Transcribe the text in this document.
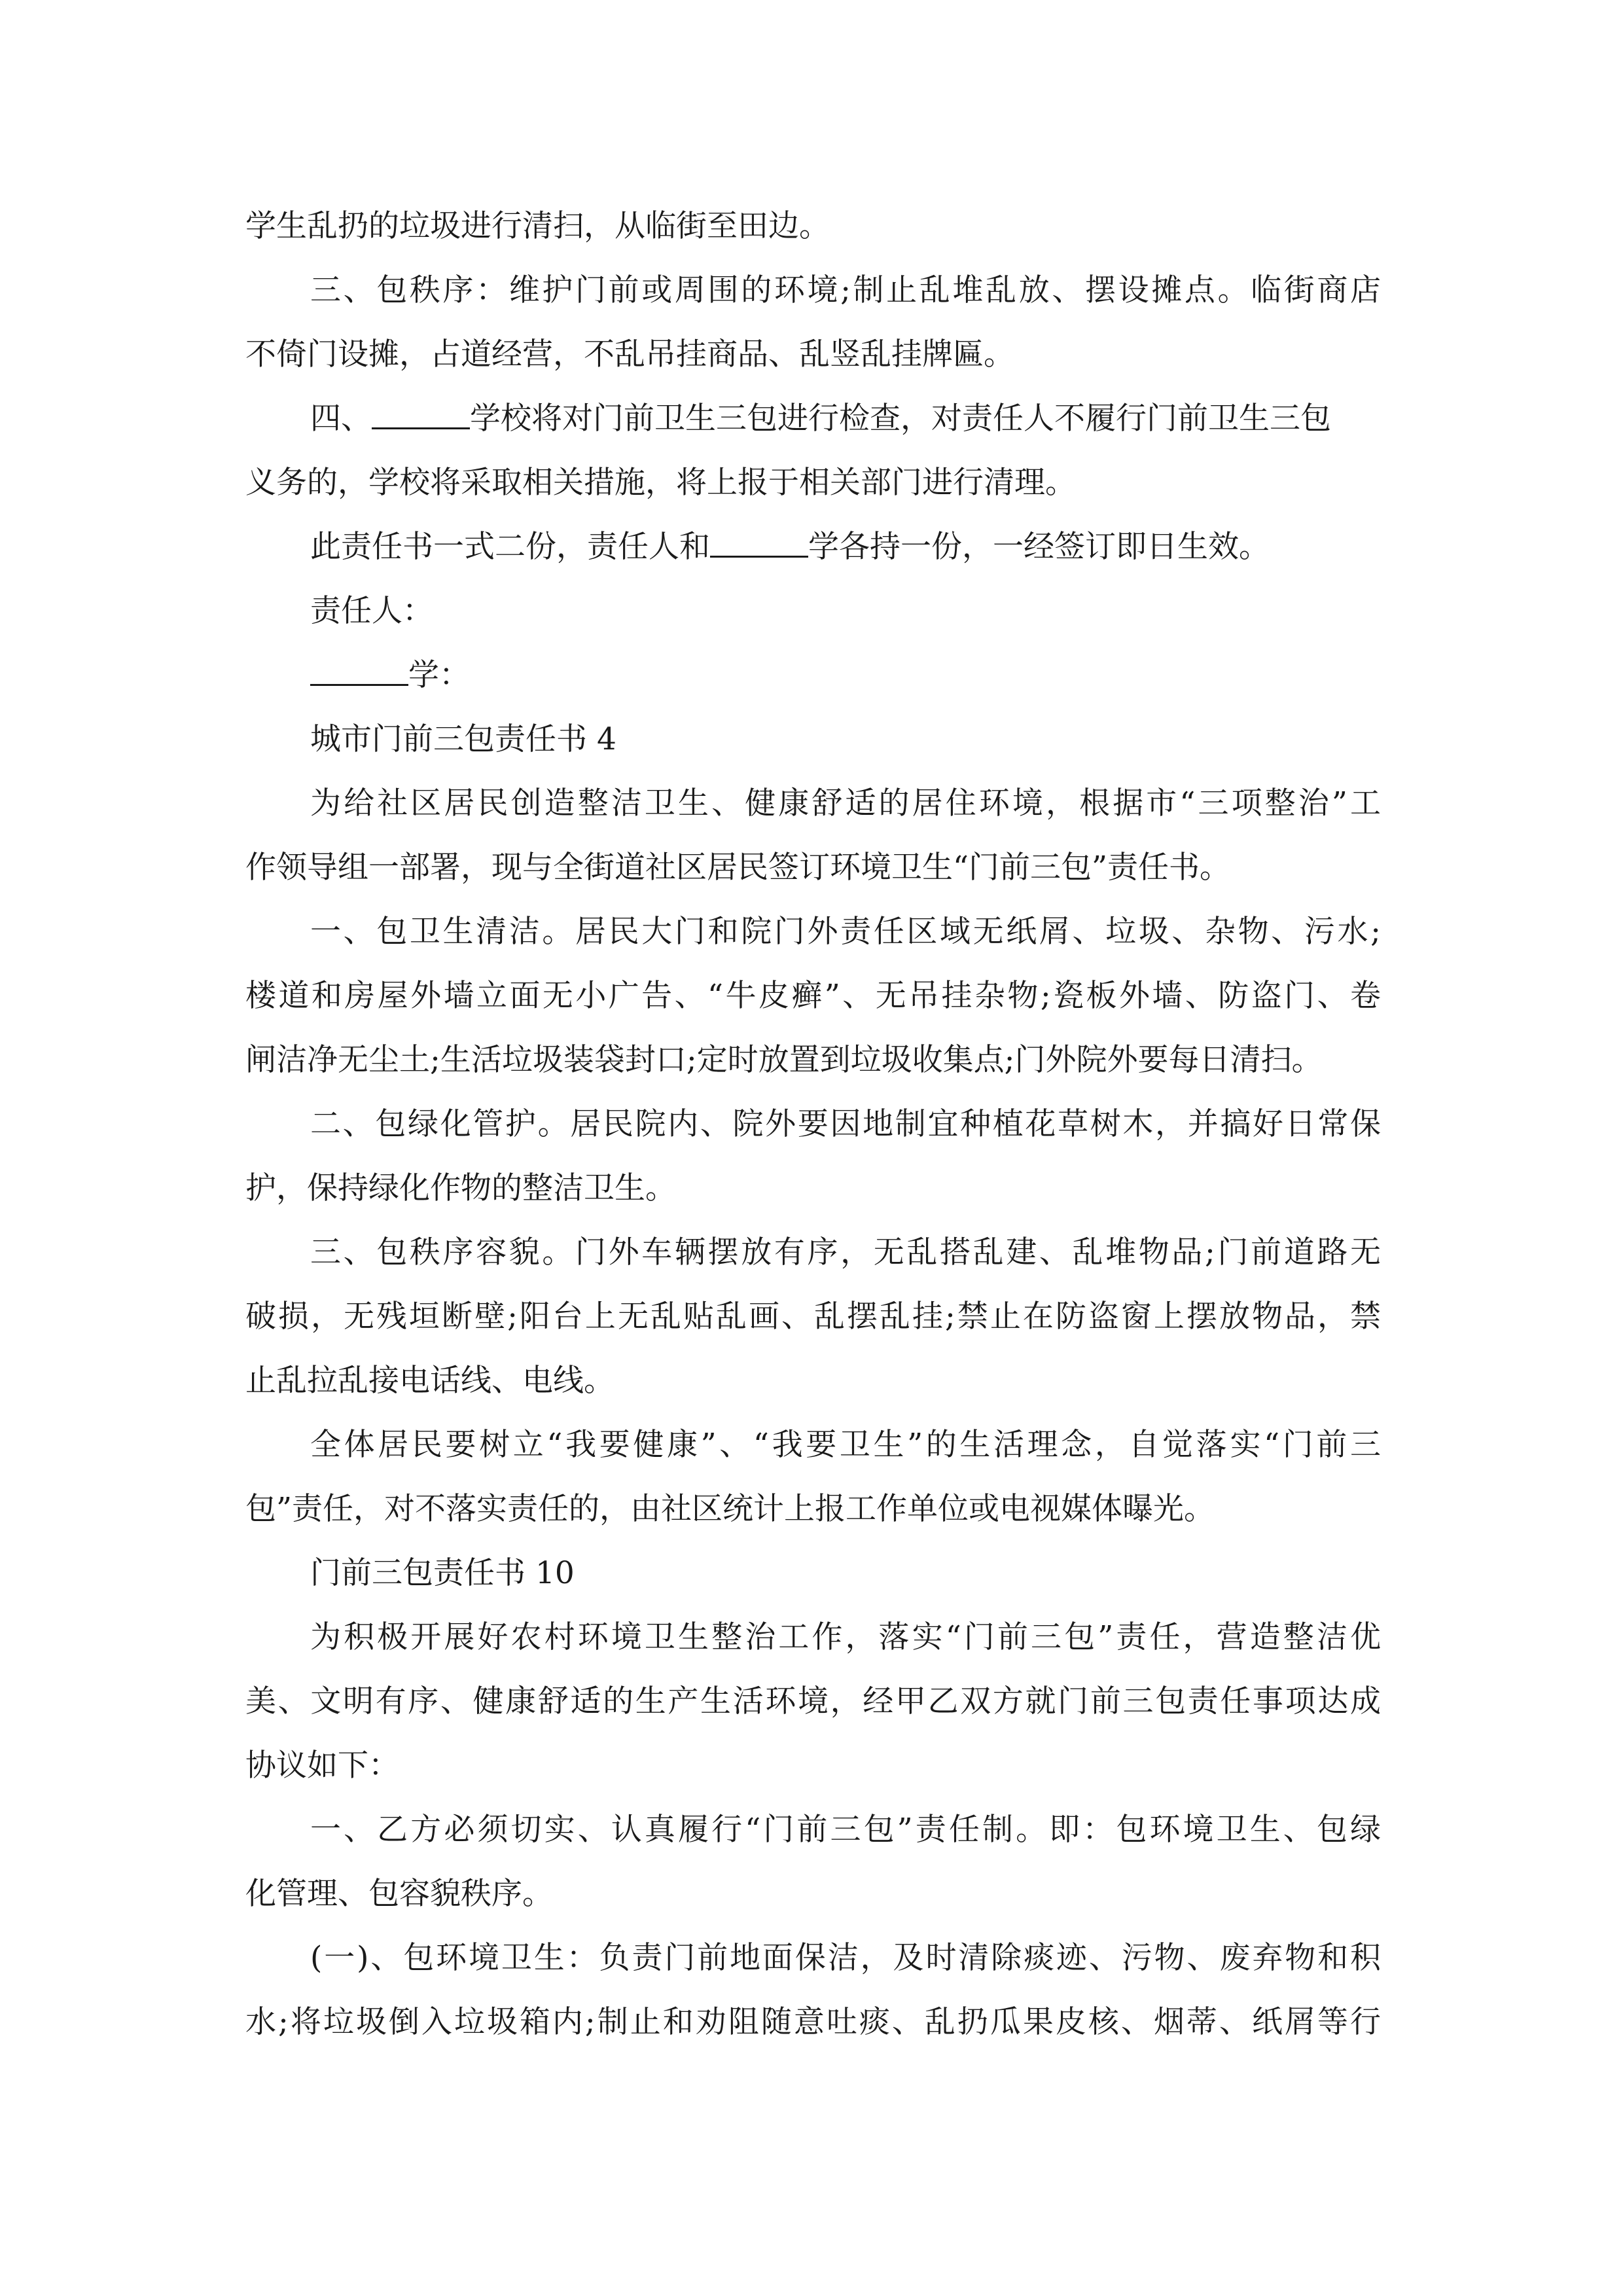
学生乱扔的垃圾进行清扫，从临街至田边。
三、包秩序：维护门前或周围的环境;制止乱堆乱放、摆设摊点。临街商店
不倚门设摊，占道经营，不乱吊挂商品、乱竖乱挂牌匾。
四、	学校将对门前卫生三包进行检查，对责任人不履行门前卫生三包
义务的，学校将采取相关措施，将上报于相关部门进行清理。
此责任书一式二份，责任人和	学各持一份，一经签订即日生效。
责任人：
学：
城市门前三包责任书 4
为给社区居民创造整洁卫生、健康舒适的居住环境，根据市“三项整治”工
作领导组一部署，现与全街道社区居民签订环境卫生“门前三包”责任书。
一、包卫生清洁。居民大门和院门外责任区域无纸屑、垃圾、杂物、污水;
楼道和房屋外墙立面无小广告、“牛皮癣”、无吊挂杂物;瓷板外墙、防盗门、卷
闸洁净无尘土;生活垃圾装袋封口;定时放置到垃圾收集点;门外院外要每日清扫。
二、包绿化管护。居民院内、院外要因地制宜种植花草树木，并搞好日常保
护，保持绿化作物的整洁卫生。
三、包秩序容貌。门外车辆摆放有序，无乱搭乱建、乱堆物品;门前道路无
破损，无残垣断壁;阳台上无乱贴乱画、乱摆乱挂;禁止在防盗窗上摆放物品，禁
止乱拉乱接电话线、电线。
全体居民要树立“我要健康”、“我要卫生”的生活理念，自觉落实“门前三
包”责任，对不落实责任的，由社区统计上报工作单位或电视媒体曝光。
门前三包责任书 10
为积极开展好农村环境卫生整治工作，落实“门前三包”责任，营造整洁优
美、文明有序、健康舒适的生产生活环境，经甲乙双方就门前三包责任事项达成
协议如下：
一、乙方必须切实、认真履行“门前三包”责任制。即：包环境卫生、包绿
化管理、包容貌秩序。
(一)、包环境卫生：负责门前地面保洁，及时清除痰迹、污物、废弃物和积
水;将垃圾倒入垃圾箱内;制止和劝阻随意吐痰、乱扔瓜果皮核、烟蒂、纸屑等行
